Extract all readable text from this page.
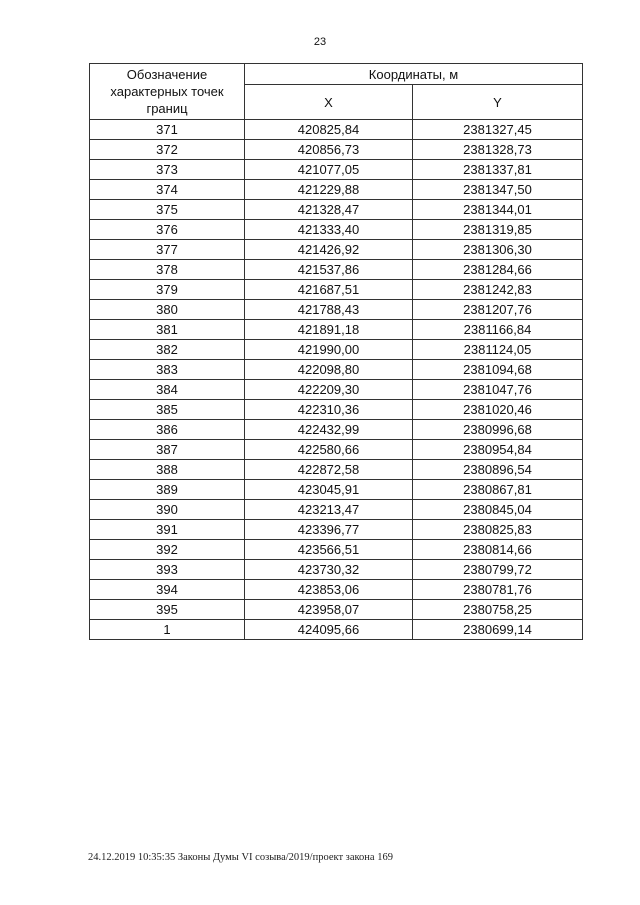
23
Обозначение характерных точек границ	Координаты, м	
	X	Y
371	420825,84	2381327,45
372	420856,73	2381328,73
373	421077,05	2381337,81
374	421229,88	2381347,50
375	421328,47	2381344,01
376	421333,40	2381319,85
377	421426,92	2381306,30
378	421537,86	2381284,66
379	421687,51	2381242,83
380	421788,43	2381207,76
381	421891,18	2381166,84
382	421990,00	2381124,05
383	422098,80	2381094,68
384	422209,30	2381047,76
385	422310,36	2381020,46
386	422432,99	2380996,68
387	422580,66	2380954,84
388	422872,58	2380896,54
389	423045,91	2380867,81
390	423213,47	2380845,04
391	423396,77	2380825,83
392	423566,51	2380814,66
393	423730,32	2380799,72
394	423853,06	2380781,76
395	423958,07	2380758,25
1	424095,66	2380699,14
24.12.2019 10:35:35 Законы Думы VI созыва/2019/проект закона 169
